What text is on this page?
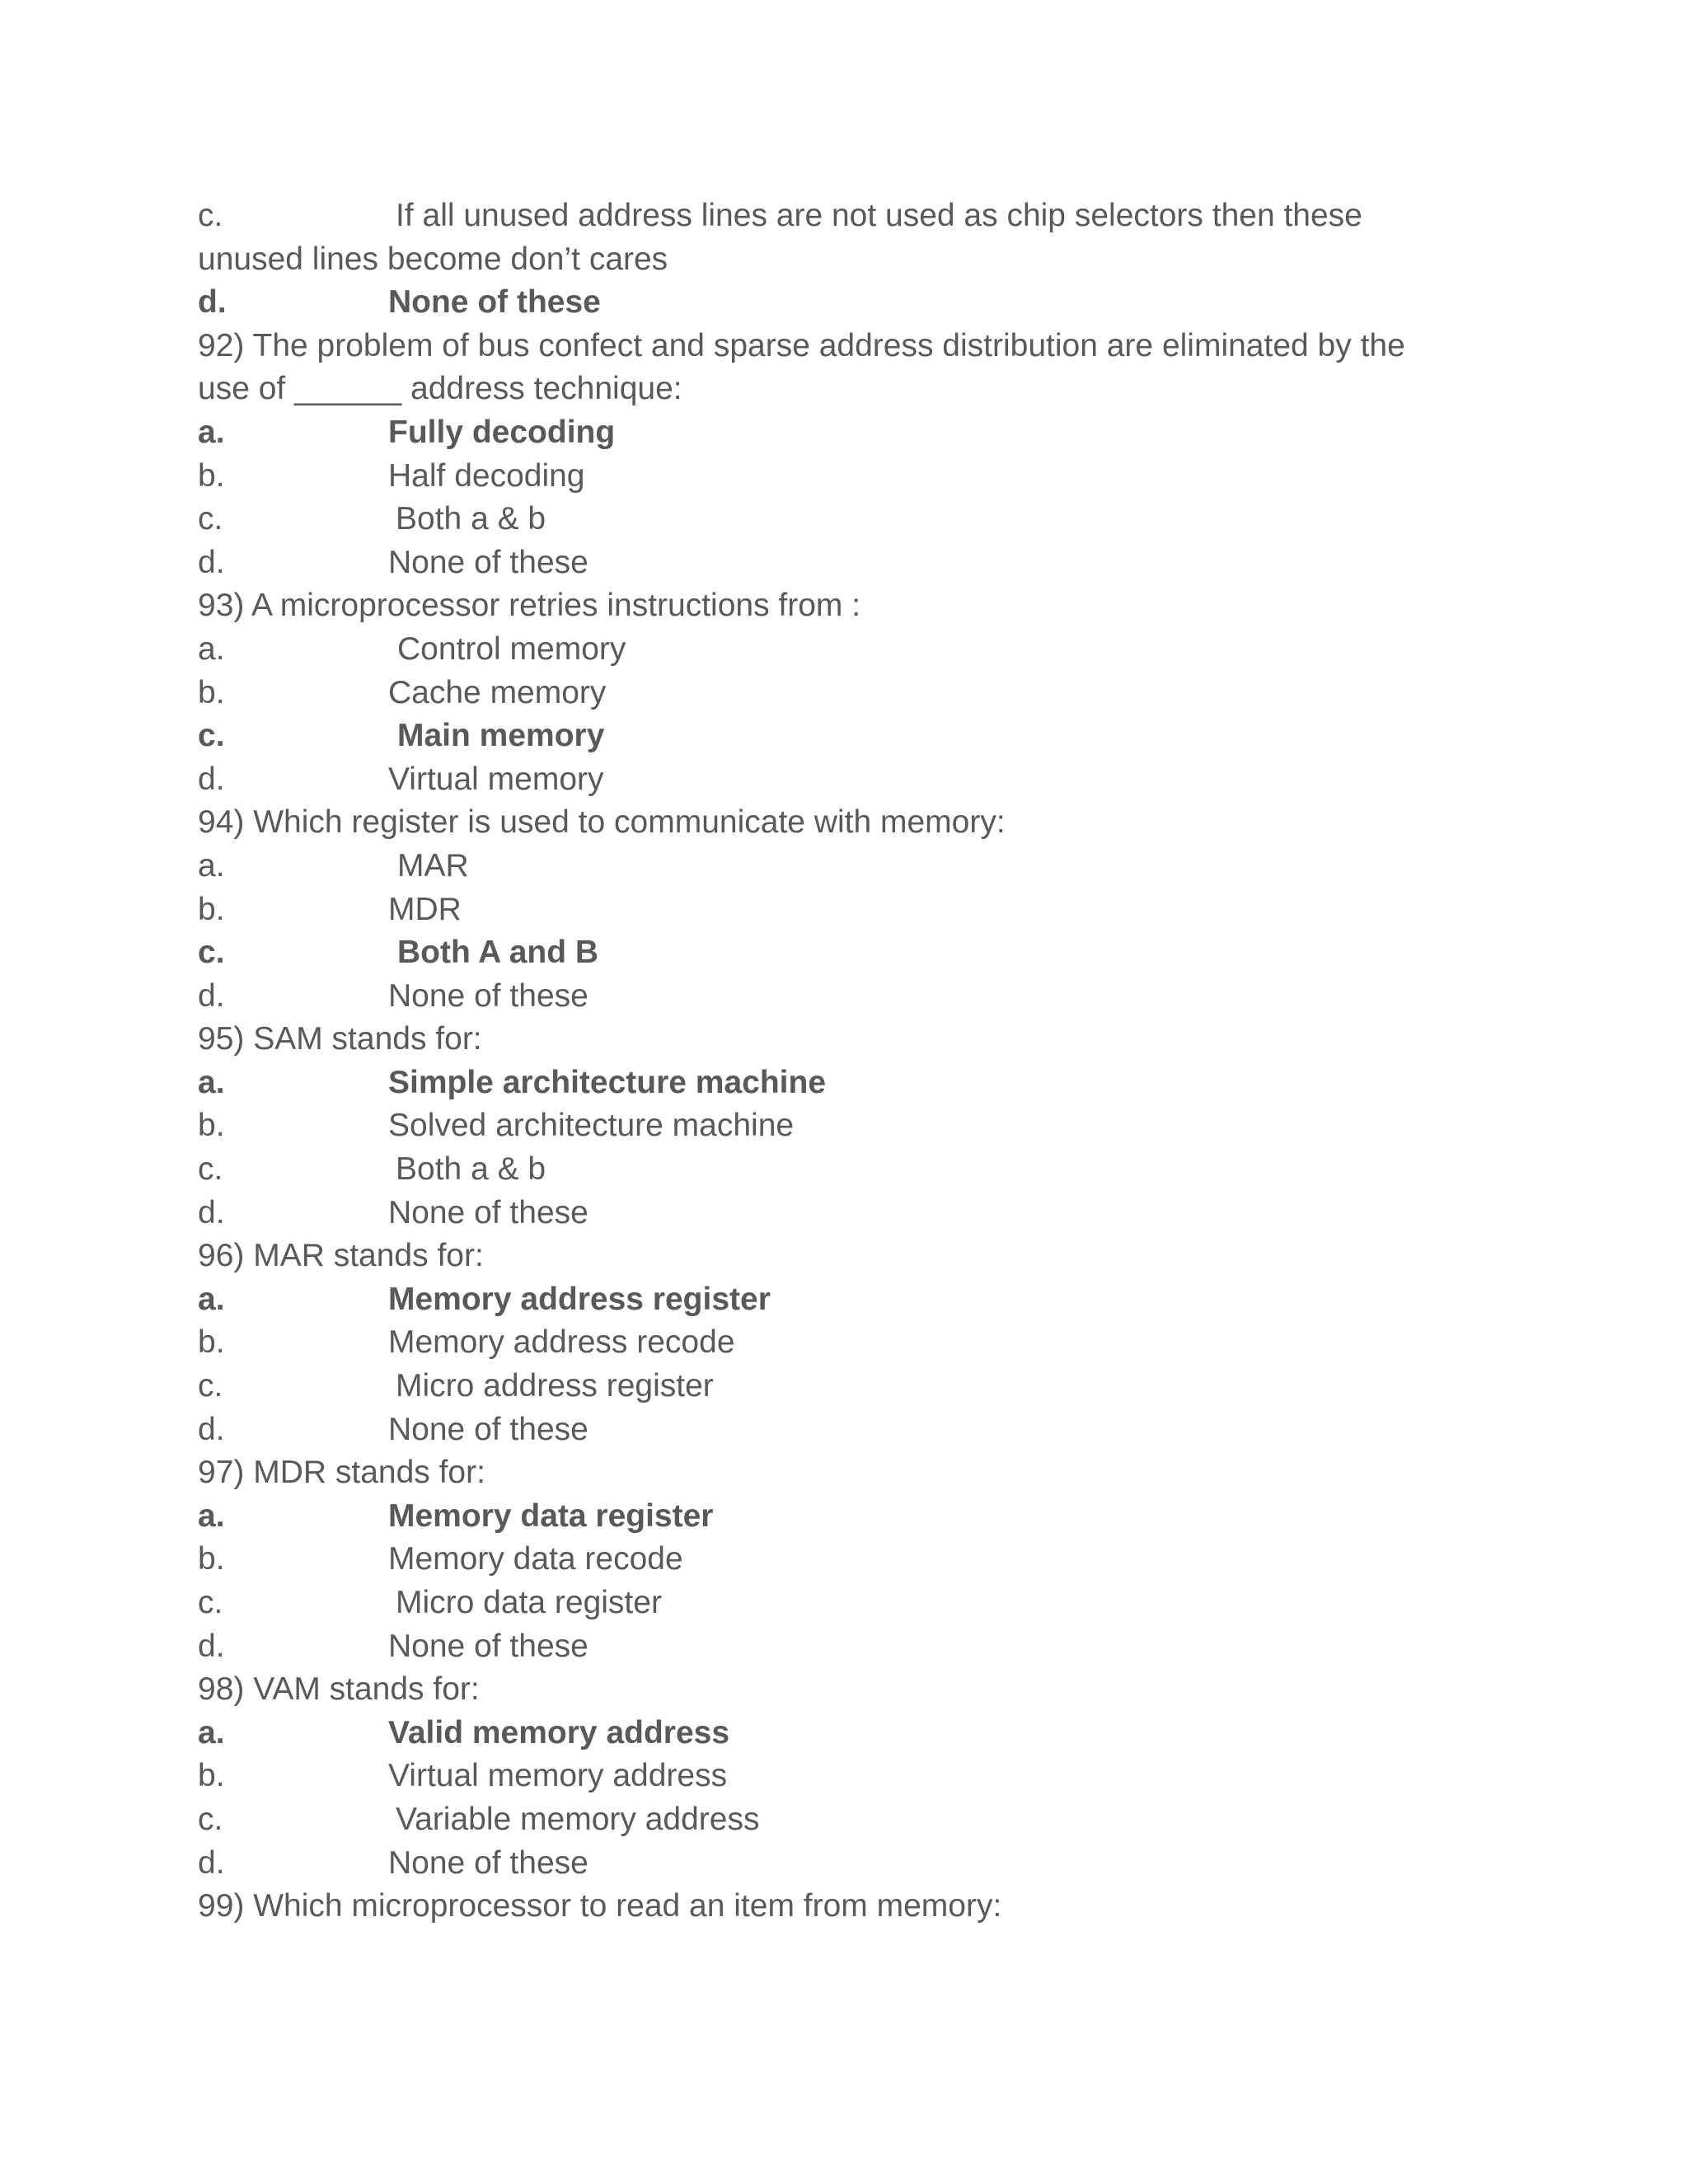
c.	If all unused address lines are not used as chip selectors then these
unused lines become don’t cares
d.	None of these
92) The problem of bus confect and sparse address distribution are eliminated by the
use of ______ address technique:
a.	Fully decoding
b.	Half decoding
c.	Both a & b
d.	None of these
93) A microprocessor retries instructions from :
a.	Control memory
b.	Cache memory
c.	Main memory
d.	Virtual memory
94) Which register is used to communicate with memory:
a.	MAR
b.	MDR
c.	Both A and B
d.	None of these
95) SAM stands for:
a.	Simple architecture machine
b.	Solved architecture machine
c.	Both a & b
d.	None of these
96) MAR stands for:
a.	Memory address register
b.	Memory address recode
c.	Micro address register
d.	None of these
97) MDR stands for:
a.	Memory data register
b.	Memory data recode
c.	Micro data register
d.	None of these
98) VAM stands for:
a.	Valid memory address
b.	Virtual memory address
c.	Variable memory address
d.	None of these
99) Which microprocessor to read an item from memory:
